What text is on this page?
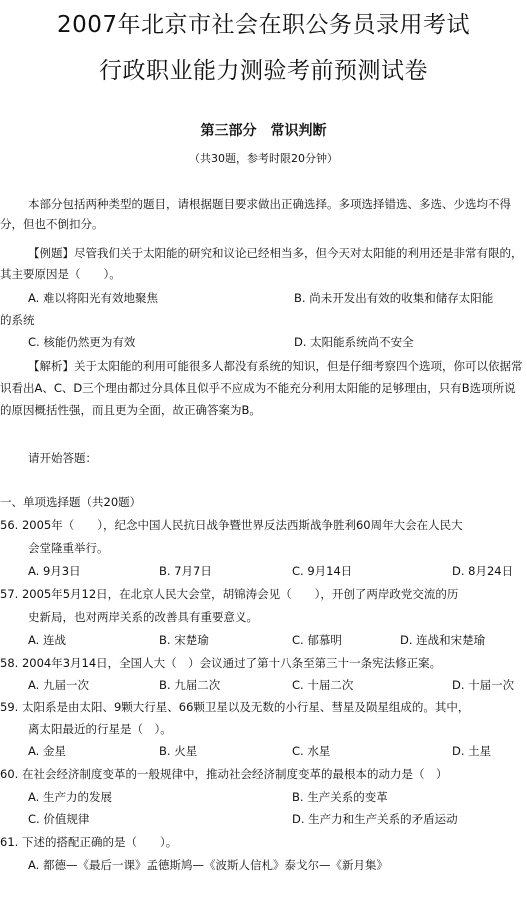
2007年北京市社会在职公务员录用考试
行政职业能力测验考前预测试卷
第三部分　常识判断
（共30题，参考时限20分钟）
本部分包括两种类型的题目，请根据题目要求做出正确选择。多项选择错选、多选、少选均不得分，但也不倒扣分。
【例题】尽管我们关于太阳能的研究和议论已经相当多，但今天对太阳能的利用还是非常有限的，其主要原因是（　　）。
A. 难以将阳光有效地聚焦	B. 尚未开发出有效的收集和储存太阳能
的系统
C. 核能仍然更为有效	D. 太阳能系统尚不安全
【解析】关于太阳能的利用可能很多人都没有系统的知识，但是仔细考察四个选项，你可以依据常识看出A、C、D三个理由都过分具体且似乎不应成为不能充分利用太阳能的足够理由，只有B选项所说的原因概括性强，而且更为全面，故正确答案为B。
请开始答题：
一、单项选择题（共20题）
56. 2005年（　　），纪念中国人民抗日战争暨世界反法西斯战争胜利60周年大会在人民大
会堂隆重举行。
A. 9月3日	B. 7月7日	C. 9月14日	D. 8月24日
57. 2005年5月12日，在北京人民大会堂，胡锦涛会见（　　），开创了两岸政党交流的历
史新局，也对两岸关系的改善具有重要意义。
A. 连战	B. 宋楚瑜	C. 郁慕明	D. 连战和宋楚瑜
58. 2004年3月14日，全国人大（　）会议通过了第十八条至第三十一条宪法修正案。
A. 九届一次	B. 九届二次	C. 十届二次	D. 十届一次
59. 太阳系是由太阳、9颗大行星、66颗卫星以及无数的小行星、彗星及陨星组成的。其中，
离太阳最近的行星是（　）。
A. 金星	B. 火星	C. 水星	D. 土星
60. 在社会经济制度变革的一般规律中，推动社会经济制度变革的最根本的动力是（　）
A. 生产力的发展	B. 生产关系的变革
C. 价值规律	D. 生产力和生产关系的矛盾运动
61. 下述的搭配正确的是（　　）。
A. 都德—《最后一课》孟德斯鸠—《波斯人信札》泰戈尔—《新月集》
